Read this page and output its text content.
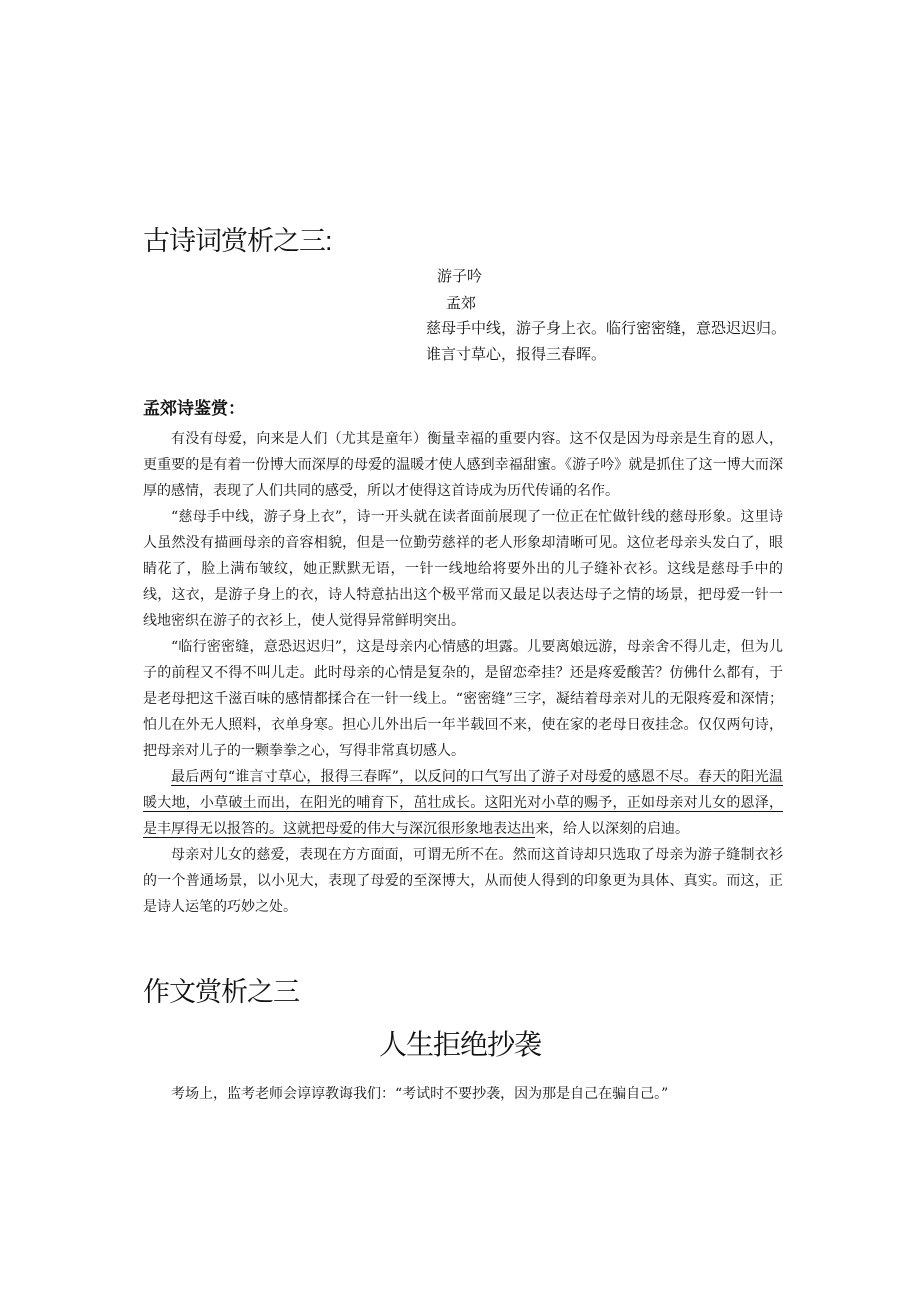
古诗词赏析之三:
游子吟
孟郊
慈母手中线，游子身上衣。临行密密缝，意恐迟迟归。
谁言寸草心，报得三春晖。
孟郊诗鉴赏：

有没有母爱，向来是人们（尤其是童年）衡量幸福的重要内容。这不仅是因为母亲是生育的恩人，更重要的是有着一份博大而深厚的母爱的温暖才使人感到幸福甜蜜。《游子吟》就是抓住了这一博大而深厚的感情，表现了人们共同的感受，所以才使得这首诗成为历代传诵的名作。

“慈母手中线，游子身上衣”，诗一开头就在读者面前展现了一位正在忙做针线的慈母形象。这里诗人虽然没有描画母亲的音容相貌，但是一位勤劳慈祥的老人形象却清晰可见。这位老母亲头发白了，眼睛花了，脸上满布皱纹，她正默默无语，一针一线地给将要外出的儿子缝补衣衫。这线是慈母手中的线，这衣，是游子身上的衣，诗人特意拈出这个极平常而又最足以表达母子之情的场景，把母爱一针一线地密织在游子的衣衫上，使人觉得异常鲜明突出。

“临行密密缝，意恐迟迟归”，这是母亲内心情感的坦露。儿要离娘远游，母亲舍不得儿走，但为儿子的前程又不得不叫儿走。此时母亲的心情是复杂的，是留恋牵挂？还是疼爱酸苦？仿佛什么都有，于是老母把这千滋百味的感情都揉合在一针一线上。“密密缝”三字，凝结着母亲对儿的无限疼爱和深情；怕儿在外无人照料，衣单身寒。担心儿外出后一年半载回不来，使在家的老母日夜挂念。仅仅两句诗，把母亲对儿子的一颗拳拳之心，写得非常真切感人。

最后两句“谁言寸草心，报得三春晖”，以反问的口气写出了游子对母爱的感恩不尽。春天的阳光温暖大地，小草破土而出，在阳光的哺育下，茁壮成长。这阳光对小草的赐予，正如母亲对儿女的恩泽，是丰厚得无以报答的。这就把母爱的伟大与深沉很形象地表达出来，给人以深刻的启迪。

母亲对儿女的慈爱，表现在方方面面，可谓无所不在。然而这首诗却只选取了母亲为游子缝制衣衫的一个普通场景，以小见大，表现了母爱的至深博大，从而使人得到的印象更为具体、真实。而这，正是诗人运笔的巧妙之处。

作文赏析之三
人生拒绝抄袭

考场上，监考老师会谆谆教诲我们：“考试时不要抄袭，因为那是自己在骗自己。”
